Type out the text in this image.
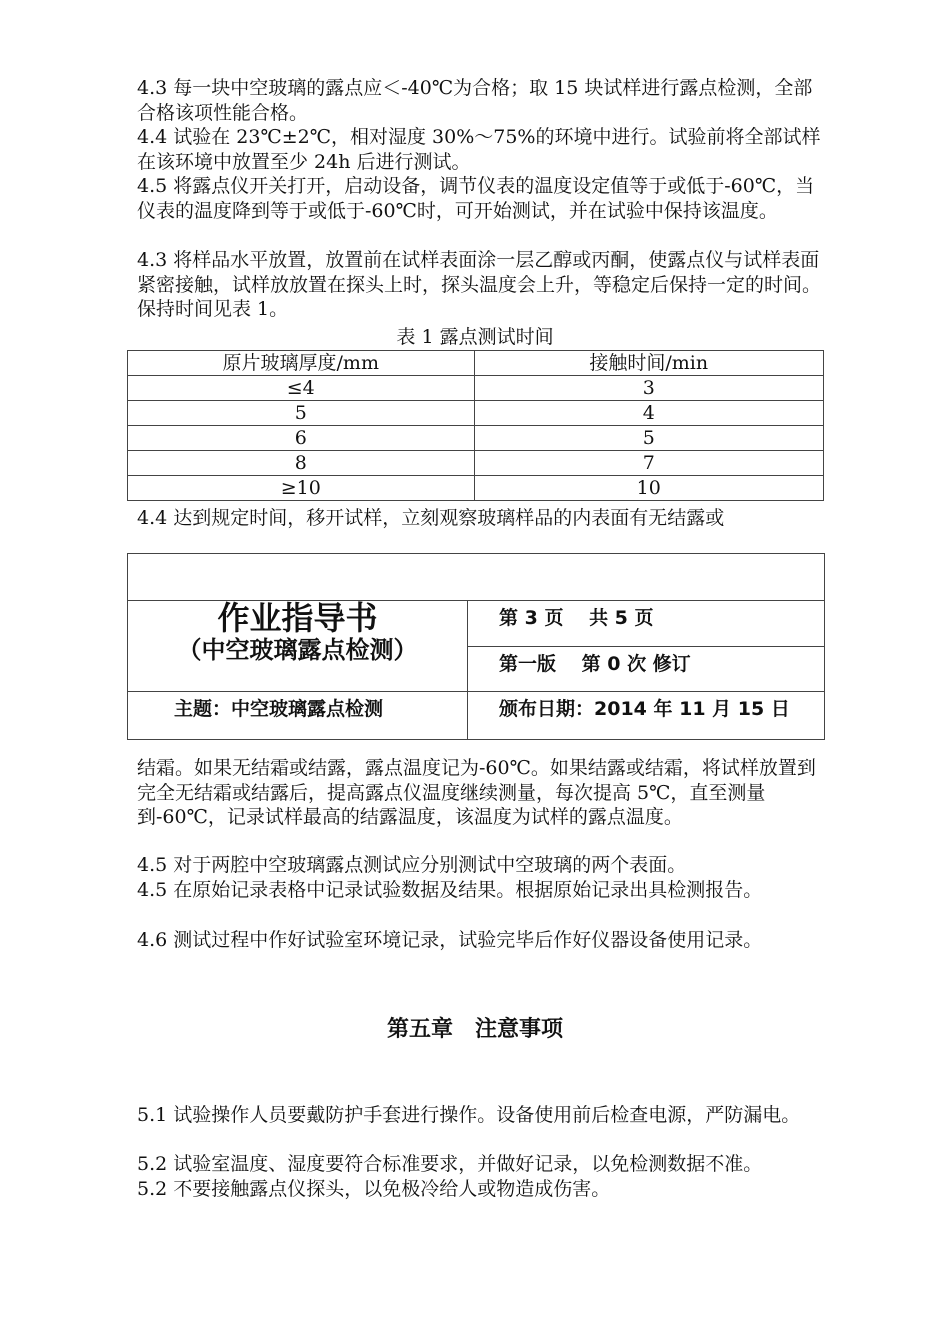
4.3 每一块中空玻璃的露点应＜-40℃为合格；取 15 块试样进行露点检测，全部合格该项性能合格。

4.4 试验在 23℃±2℃，相对湿度 30%～75%的环境中进行。试验前将全部试样在该环境中放置至少 24h 后进行测试。

4.5 将露点仪开关打开，启动设备，调节仪表的温度设定值等于或低于-60℃，当仪表的温度降到等于或低于-60℃时，可开始测试，并在试验中保持该温度。

4.3 将样品水平放置，放置前在试样表面涂一层乙醇或丙酮，使露点仪与试样表面紧密接触，试样放放置在探头上时，探头温度会上升，等稳定后保持一定的时间。保持时间见表 1。

表 1 露点测试时间
原片玻璃厚度/mm	接触时间/min
≤4	3
5	4
6	5
8	7
≥10	10

4.4 达到规定时间，移开试样，立刻观察玻璃样品的内表面有无结露或

作业指导书
（中空玻璃露点检测）
第 3 页　 共 5 页
第一版　 第 0 次 修订
主题：中空玻璃露点检测	颁布日期：2014 年 11 月 15 日

结霜。如果无结霜或结露，露点温度记为-60℃。如果结露或结霜，将试样放置到完全无结霜或结露后，提高露点仪温度继续测量，每次提高 5℃，直至测量到-60℃，记录试样最高的结露温度，该温度为试样的露点温度。

4.5 对于两腔中空玻璃露点测试应分别测试中空玻璃的两个表面。

4.5 在原始记录表格中记录试验数据及结果。根据原始记录出具检测报告。

4.6 测试过程中作好试验室环境记录，试验完毕后作好仪器设备使用记录。

第五章　注意事项

5.1 试验操作人员要戴防护手套进行操作。设备使用前后检查电源，严防漏电。

5.2 试验室温度、湿度要符合标准要求，并做好记录，以免检测数据不准。

5.2 不要接触露点仪探头，以免极冷给人或物造成伤害。
